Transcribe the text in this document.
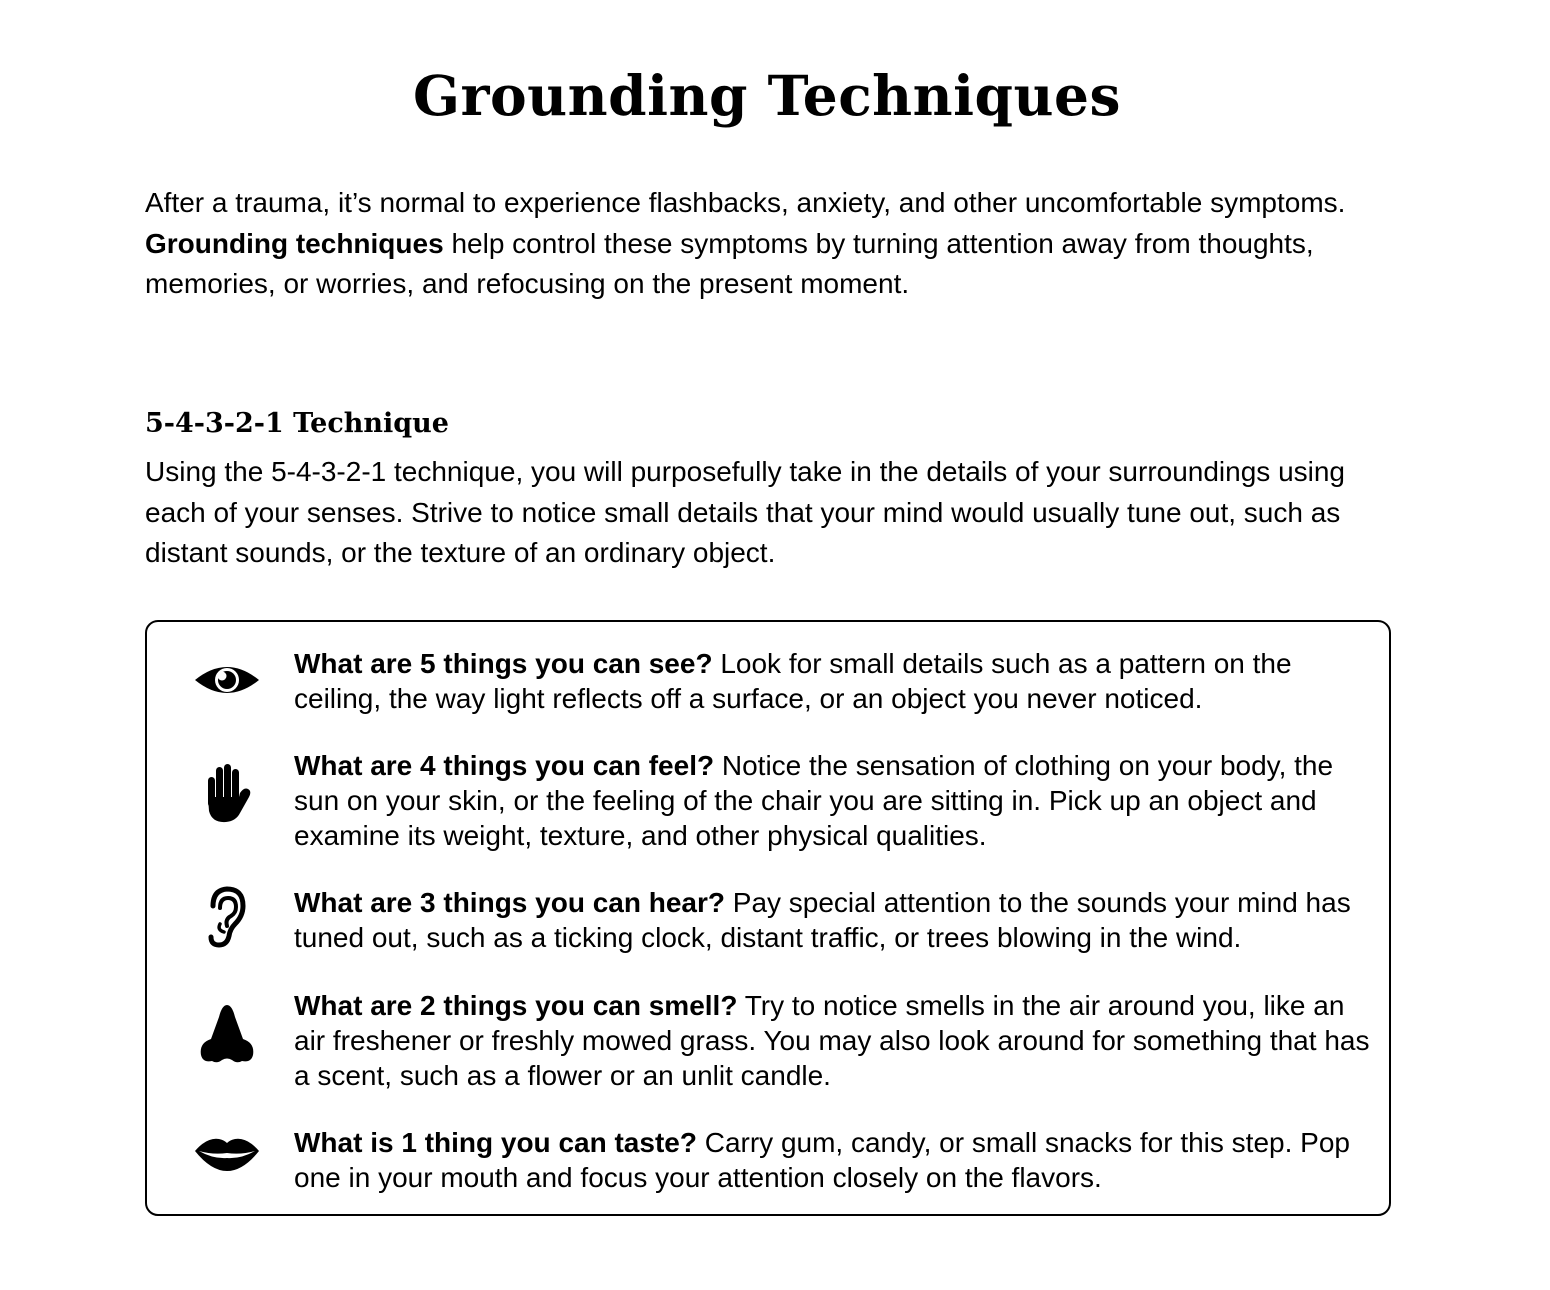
Grounding Techniques

After a trauma, it’s normal to experience flashbacks, anxiety, and other uncomfortable symptoms. Grounding techniques help control these symptoms by turning attention away from thoughts, memories, or worries, and refocusing on the present moment.

5-4-3-2-1 Technique

Using the 5-4-3-2-1 technique, you will purposefully take in the details of your surroundings using each of your senses. Strive to notice small details that your mind would usually tune out, such as distant sounds, or the texture of an ordinary object.

What are 5 things you can see? Look for small details such as a pattern on the ceiling, the way light reflects off a surface, or an object you never noticed.

What are 4 things you can feel? Notice the sensation of clothing on your body, the sun on your skin, or the feeling of the chair you are sitting in. Pick up an object and examine its weight, texture, and other physical qualities.

What are 3 things you can hear? Pay special attention to the sounds your mind has tuned out, such as a ticking clock, distant traffic, or trees blowing in the wind.

What are 2 things you can smell? Try to notice smells in the air around you, like an air freshener or freshly mowed grass. You may also look around for something that has a scent, such as a flower or an unlit candle.

What is 1 thing you can taste? Carry gum, candy, or small snacks for this step. Pop one in your mouth and focus your attention closely on the flavors.
